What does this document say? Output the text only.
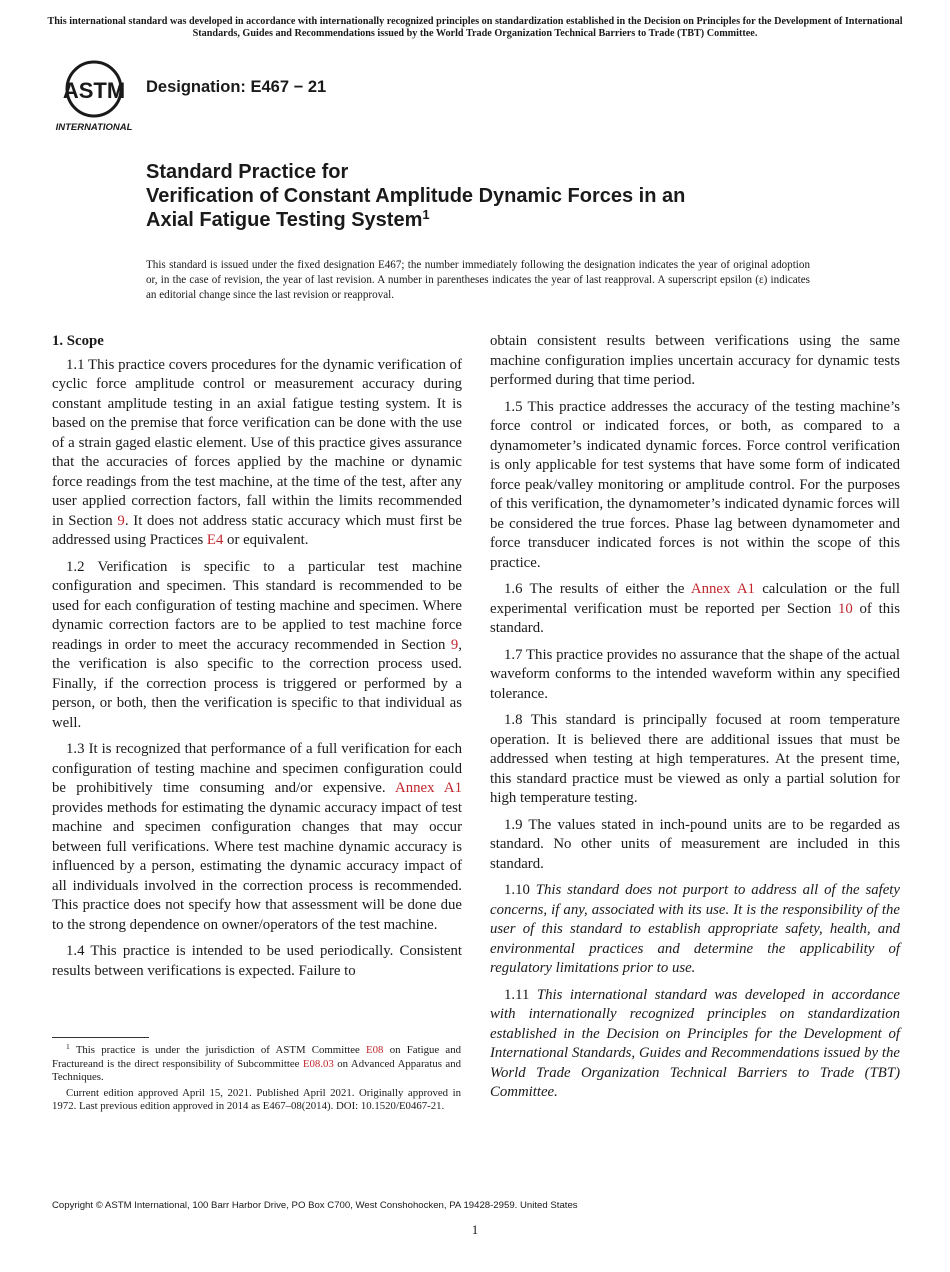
This international standard was developed in accordance with internationally recognized principles on standardization established in the Decision on Principles for the Development of International Standards, Guides and Recommendations issued by the World Trade Organization Technical Barriers to Trade (TBT) Committee.
ASTM
INTERNATIONAL
Designation: E467 − 21
Standard Practice for
Verification of Constant Amplitude Dynamic Forces in an
Axial Fatigue Testing System$^1$
This standard is issued under the fixed designation E467; the number immediately following the designation indicates the year of original adoption or, in the case of revision, the year of last revision. A number in parentheses indicates the year of last reapproval. A superscript epsilon (ε) indicates an editorial change since the last revision or reapproval.
1. Scope

1.1 This practice covers procedures for the dynamic verification of cyclic force amplitude control or measurement accuracy during constant amplitude testing in an axial fatigue testing system. It is based on the premise that force verification can be done with the use of a strain gaged elastic element. Use of this practice gives assurance that the accuracies of forces applied by the machine or dynamic force readings from the test machine, at the time of the test, after any user applied correction factors, fall within the limits recommended in Section 9. It does not address static accuracy which must first be addressed using Practices E4 or equivalent.

1.2 Verification is specific to a particular test machine configuration and specimen. This standard is recommended to be used for each configuration of testing machine and specimen. Where dynamic correction factors are to be applied to test machine force readings in order to meet the accuracy recommended in Section 9, the verification is also specific to the correction process used. Finally, if the correction process is triggered or performed by a person, or both, then the verification is specific to that individual as well.

1.3 It is recognized that performance of a full verification for each configuration of testing machine and specimen configuration could be prohibitively time consuming and/or expensive. Annex A1 provides methods for estimating the dynamic accuracy impact of test machine and specimen configuration changes that may occur between full verifications. Where test machine dynamic accuracy is influenced by a person, estimating the dynamic accuracy impact of all individuals involved in the correction process is recommended. This practice does not specify how that assessment will be done due to the strong dependence on owner/operators of the test machine.

1.4 This practice is intended to be used periodically. Consistent results between verifications is expected. Failure to

obtain consistent results between verifications using the same machine configuration implies uncertain accuracy for dynamic tests performed during that time period.

1.5 This practice addresses the accuracy of the testing machine’s force control or indicated forces, or both, as compared to a dynamometer’s indicated dynamic forces. Force control verification is only applicable for test systems that have some form of indicated force peak/valley monitoring or amplitude control. For the purposes of this verification, the dynamometer’s indicated dynamic forces will be considered the true forces. Phase lag between dynamometer and force transducer indicated forces is not within the scope of this practice.

1.6 The results of either the Annex A1 calculation or the full experimental verification must be reported per Section 10 of this standard.

1.7 This practice provides no assurance that the shape of the actual waveform conforms to the intended waveform within any specified tolerance.

1.8 This standard is principally focused at room temperature operation. It is believed there are additional issues that must be addressed when testing at high temperatures. At the present time, this standard practice must be viewed as only a partial solution for high temperature testing.

1.9 The values stated in inch-pound units are to be regarded as standard. No other units of measurement are included in this standard.

1.10 This standard does not purport to address all of the safety concerns, if any, associated with its use. It is the responsibility of the user of this standard to establish appropriate safety, health, and environmental practices and determine the applicability of regulatory limitations prior to use.

1.11 This international standard was developed in accordance with internationally recognized principles on standardization established in the Decision on Principles for the Development of International Standards, Guides and Recommendations issued by the World Trade Organization Technical Barriers to Trade (TBT) Committee.

$^1$ This practice is under the jurisdiction of ASTM Committee E08 on Fatigue and Fractureand is the direct responsibility of Subcommittee E08.03 on Advanced Apparatus and Techniques.

Current edition approved April 15, 2021. Published April 2021. Originally approved in 1972. Last previous edition approved in 2014 as E467–08(2014). DOI: 10.1520/E0467-21.

Copyright © ASTM International, 100 Barr Harbor Drive, PO Box C700, West Conshohocken, PA 19428-2959. United States
1
